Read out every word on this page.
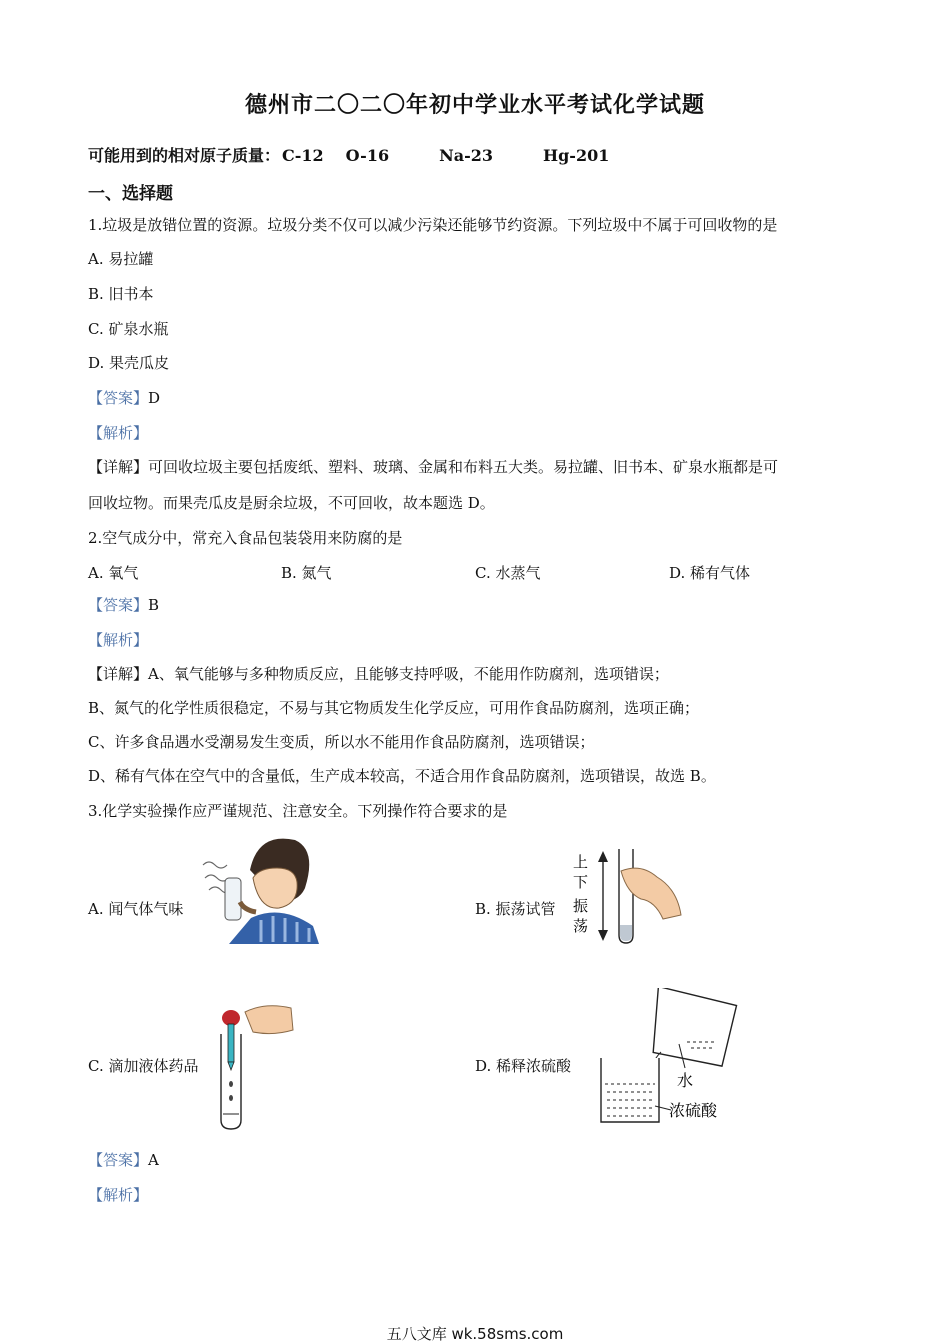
德州市二〇二〇年初中学业水平考试化学试题
可能用到的相对原子质量： C-12 O-16	Na-23	Hg-201
一、选择题
1.垃圾是放错位置的资源。垃圾分类不仅可以减少污染还能够节约资源。下列垃圾中不属于可回收物的是
A. 易拉罐
B. 旧书本
C. 矿泉水瓶
D. 果壳瓜皮
【答案】D
【解析】
【详解】可回收垃圾主要包括废纸、塑料、玻璃、金属和布料五大类。易拉罐、旧书本、矿泉水瓶都是可
回收垃物。而果壳瓜皮是厨余垃圾，不可回收，故本题选 D。
2.空气成分中，常充入食品包装袋用来防腐的是
A. 氧气	B. 氮气	C. 水蒸气	D. 稀有气体
【答案】B
【解析】
【详解】A、氧气能够与多种物质反应，且能够支持呼吸，不能用作防腐剂，选项错误；
B、氮气的化学性质很稳定，不易与其它物质发生化学反应，可用作食品防腐剂，选项正确；
C、许多食品遇水受潮易发生变质，所以水不能用作食品防腐剂，选项错误；
D、稀有气体在空气中的含量低，生产成本较高，不适合用作食品防腐剂，选项错误，故选 B。
3.化学实验操作应严谨规范、注意安全。下列操作符合要求的是
A. 闻气体气味	B. 振荡试管
C. 滴加液体药品	D. 稀释浓硫酸
上
下
振
荡
水
浓硫酸
【答案】A
【解析】
五八文库 wk.58sms.com
